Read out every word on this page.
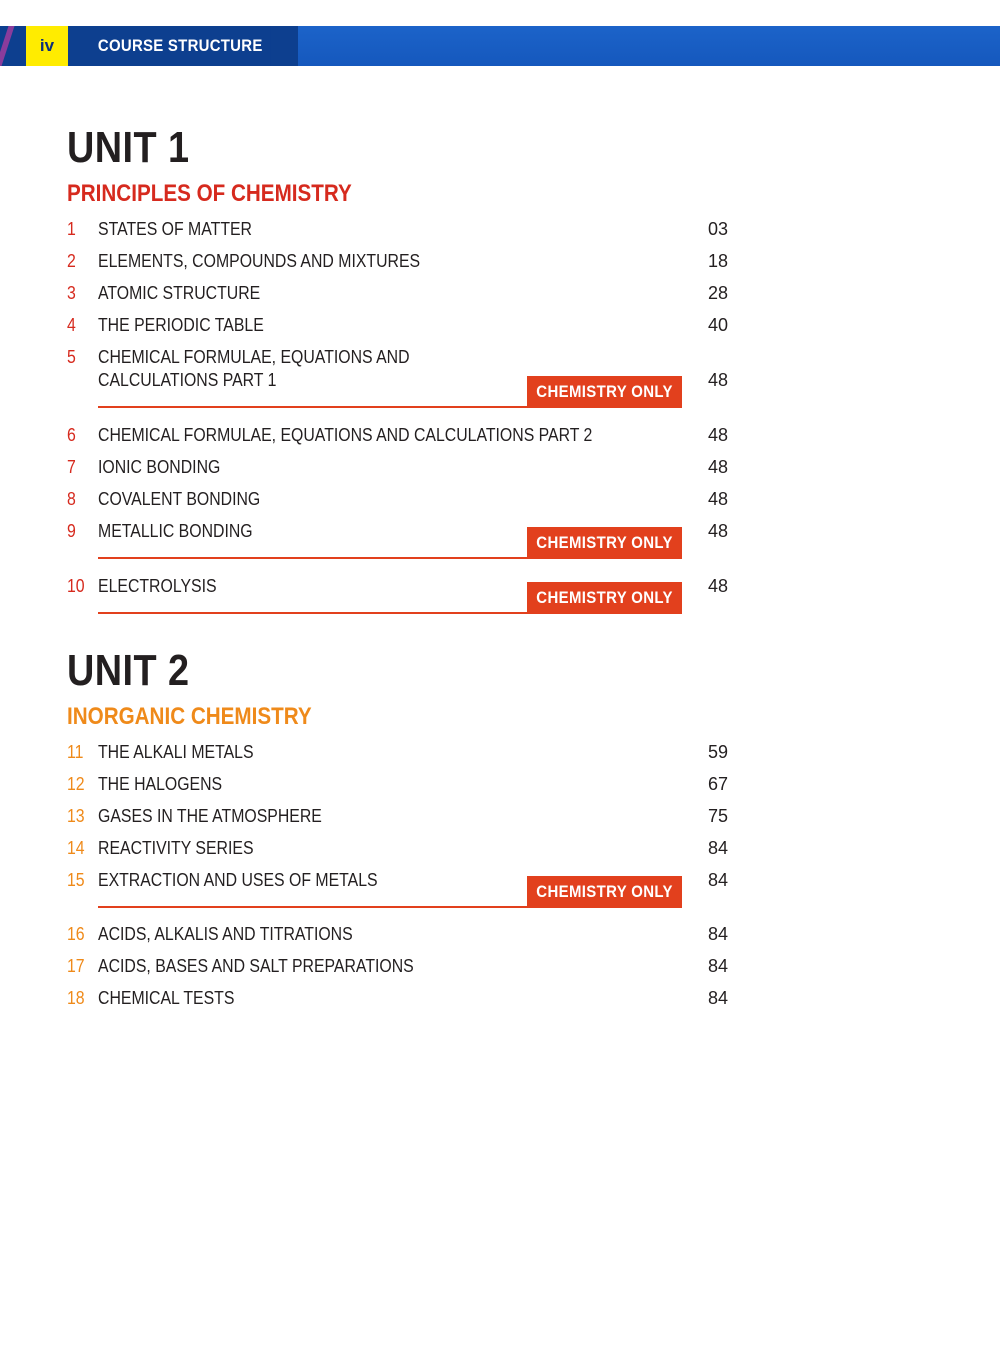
iv	COURSE STRUCTURE
UNIT 1
PRINCIPLES OF CHEMISTRY
1 STATES OF MATTER	03
2 ELEMENTS, COMPOUNDS AND MIXTURES	18
3 ATOMIC STRUCTURE	28
4 THE PERIODIC TABLE	40
5 CHEMICAL FORMULAE, EQUATIONS AND
CALCULATIONS PART 1	48
CHEMISTRY ONLY
6 CHEMICAL FORMULAE, EQUATIONS AND CALCULATIONS PART 2	48
7 IONIC BONDING	48
8 COVALENT BONDING	48
9 METALLIC BONDING	48
CHEMISTRY ONLY
10 ELECTROLYSIS	48
CHEMISTRY ONLY
UNIT 2
INORGANIC CHEMISTRY
11 THE ALKALI METALS	59
12 THE HALOGENS	67
13 GASES IN THE ATMOSPHERE	75
14 REACTIVITY SERIES	84
15 EXTRACTION AND USES OF METALS	84
CHEMISTRY ONLY
16 ACIDS, ALKALIS AND TITRATIONS	84
17 ACIDS, BASES AND SALT PREPARATIONS	84
18 CHEMICAL TESTS	84
